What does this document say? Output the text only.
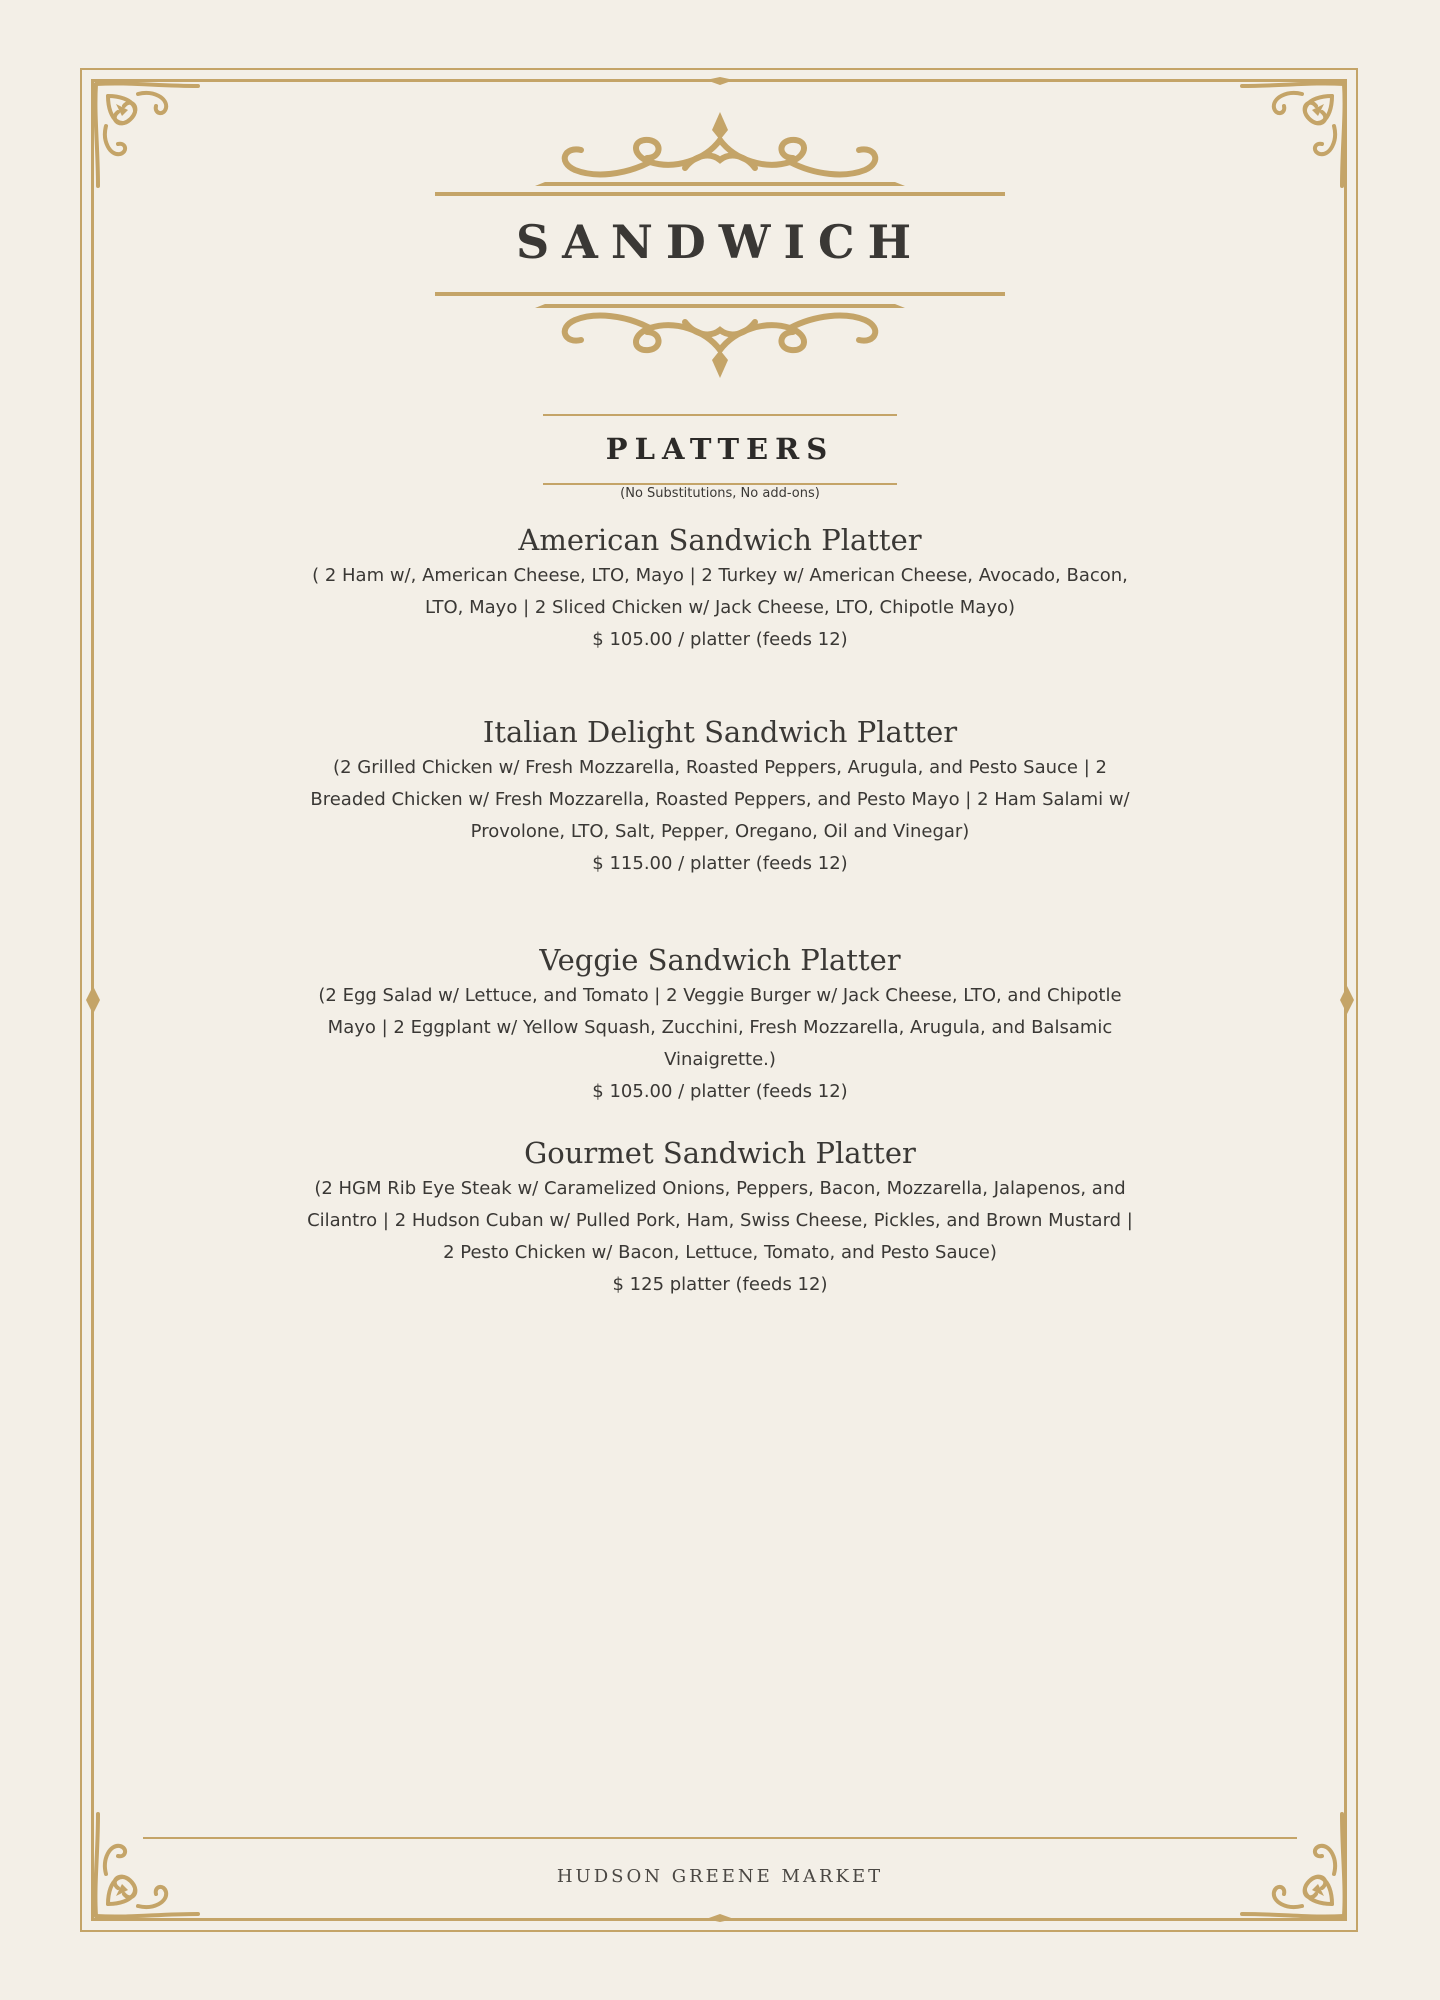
SANDWICH
PLATTERS
(No Substitutions, No add-ons)

American Sandwich Platter

( 2 Ham w/, American Cheese, LTO, Mayo | 2 Turkey w/ American Cheese, Avocado, Bacon, LTO, Mayo | 2 Sliced Chicken w/ Jack Cheese, LTO, Chipotle Mayo)

$ 105.00 / platter (feeds 12)

Italian Delight Sandwich Platter

(2 Grilled Chicken w/ Fresh Mozzarella, Roasted Peppers, Arugula, and Pesto Sauce | 2 Breaded Chicken w/ Fresh Mozzarella, Roasted Peppers, and Pesto Mayo | 2 Ham Salami w/ Provolone, LTO, Salt, Pepper, Oregano, Oil and Vinegar)

$ 115.00 / platter (feeds 12)

Veggie Sandwich Platter

(2 Egg Salad w/ Lettuce, and Tomato | 2 Veggie Burger w/ Jack Cheese, LTO, and Chipotle Mayo | 2 Eggplant w/ Yellow Squash, Zucchini, Fresh Mozzarella, Arugula, and Balsamic Vinaigrette.)

$ 105.00 / platter (feeds 12)

Gourmet Sandwich Platter

(2 HGM Rib Eye Steak w/ Caramelized Onions, Peppers, Bacon, Mozzarella, Jalapenos, and Cilantro | 2 Hudson Cuban w/ Pulled Pork, Ham, Swiss Cheese, Pickles, and Brown Mustard | 2 Pesto Chicken w/ Bacon, Lettuce, Tomato, and Pesto Sauce)

$ 125 platter (feeds 12)

HUDSON GREENE MARKET
